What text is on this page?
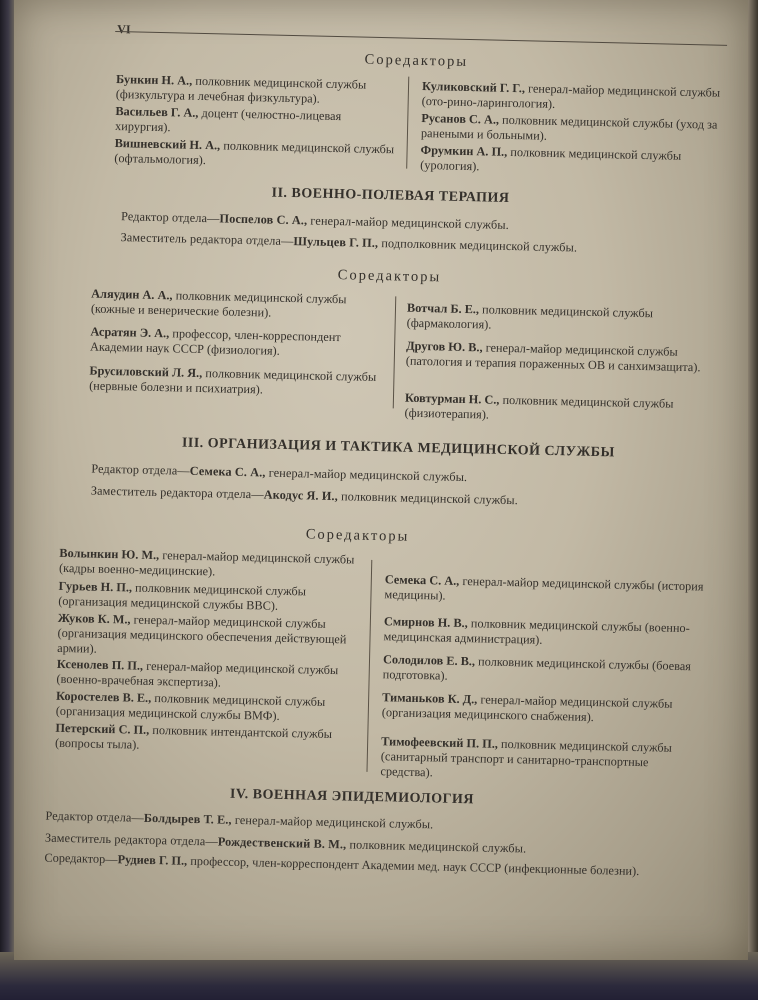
VI
Соредакторы
Бункин Н. А., полковник медицинской службы (физкультура и лечебная физкультура).
Васильев Г. А., доцент (челюстно-лицевая хирургия).
Вишневский Н. А., полковник медицинской службы (офтальмология).
Куликовский Г. Г., генерал-майор медицинской службы (ото-рино-ларингология).
Русанов С. А., полковник медицинской службы (уход за ранеными и больными).
Фрумкин А. П., полковник медицинской службы (урология).
II. ВОЕННО-ПОЛЕВАЯ ТЕРАПИЯ
Редактор отдела—Поспелов С. А., генерал-майор медицинской службы.
Заместитель редактора отдела—Шульцев Г. П., подполковник медицинской службы.
Соредакторы
Аляудин А. А., полковник медицинской службы (кожные и венерические болезни).
Асратян Э. А., профессор, член-корреспондент Академии наук СССР (физиология).
Брусиловский Л. Я., полковник медицинской службы (нервные болезни и психиатрия).
Вотчал Б. Е., полковник медицинской службы (фармакология).
Другов Ю. В., генерал-майор медицинской службы (патология и терапия пораженных ОВ и санхимзащита).
Ковтурман Н. С., полковник медицинской службы (физиотерапия).
III. ОРГАНИЗАЦИЯ И ТАКТИКА МЕДИЦИНСКОЙ СЛУЖБЫ
Редактор отдела—Семека С. А., генерал-майор медицинской службы.
Заместитель редактора отдела—Акодус Я. И., полковник медицинской службы.
Соредакторы
Волынкин Ю. М., генерал-майор медицинской службы (кадры военно-медицинские).
Гурьев Н. П., полковник медицинской службы (организация медицинской службы ВВС).
Жуков К. М., генерал-майор медицинской службы (организация медицинского обеспечения действующей армии).
Ксенолев П. П., генерал-майор медицинской службы (военно-врачебная экспертиза).
Коростелев В. Е., полковник медицинской службы (организация медицинской службы ВМФ).
Петерский С. П., полковник интендантской службы (вопросы тыла).
Семека С. А., генерал-майор медицинской службы (история медицины).
Смирнов Н. В., полковник медицинской службы (военно-медицинская администрация).
Солодилов Е. В., полковник медицинской службы (боевая подготовка).
Тиманьков К. Д., генерал-майор медицинской службы (организация медицинского снабжения).
Тимофеевский П. П., полковник медицинской службы (санитарный транспорт и санитарно-транспортные средства).
IV. ВОЕННАЯ ЭПИДЕМИОЛОГИЯ
Редактор отдела—Болдырев Т. Е., генерал-майор медицинской службы.
Заместитель редактора отдела—Рождественский В. М., полковник медицинской службы.
Соредактор—Рудиев Г. П., профессор, член-корреспондент Академии мед. наук СССР (инфекционные болезни).
